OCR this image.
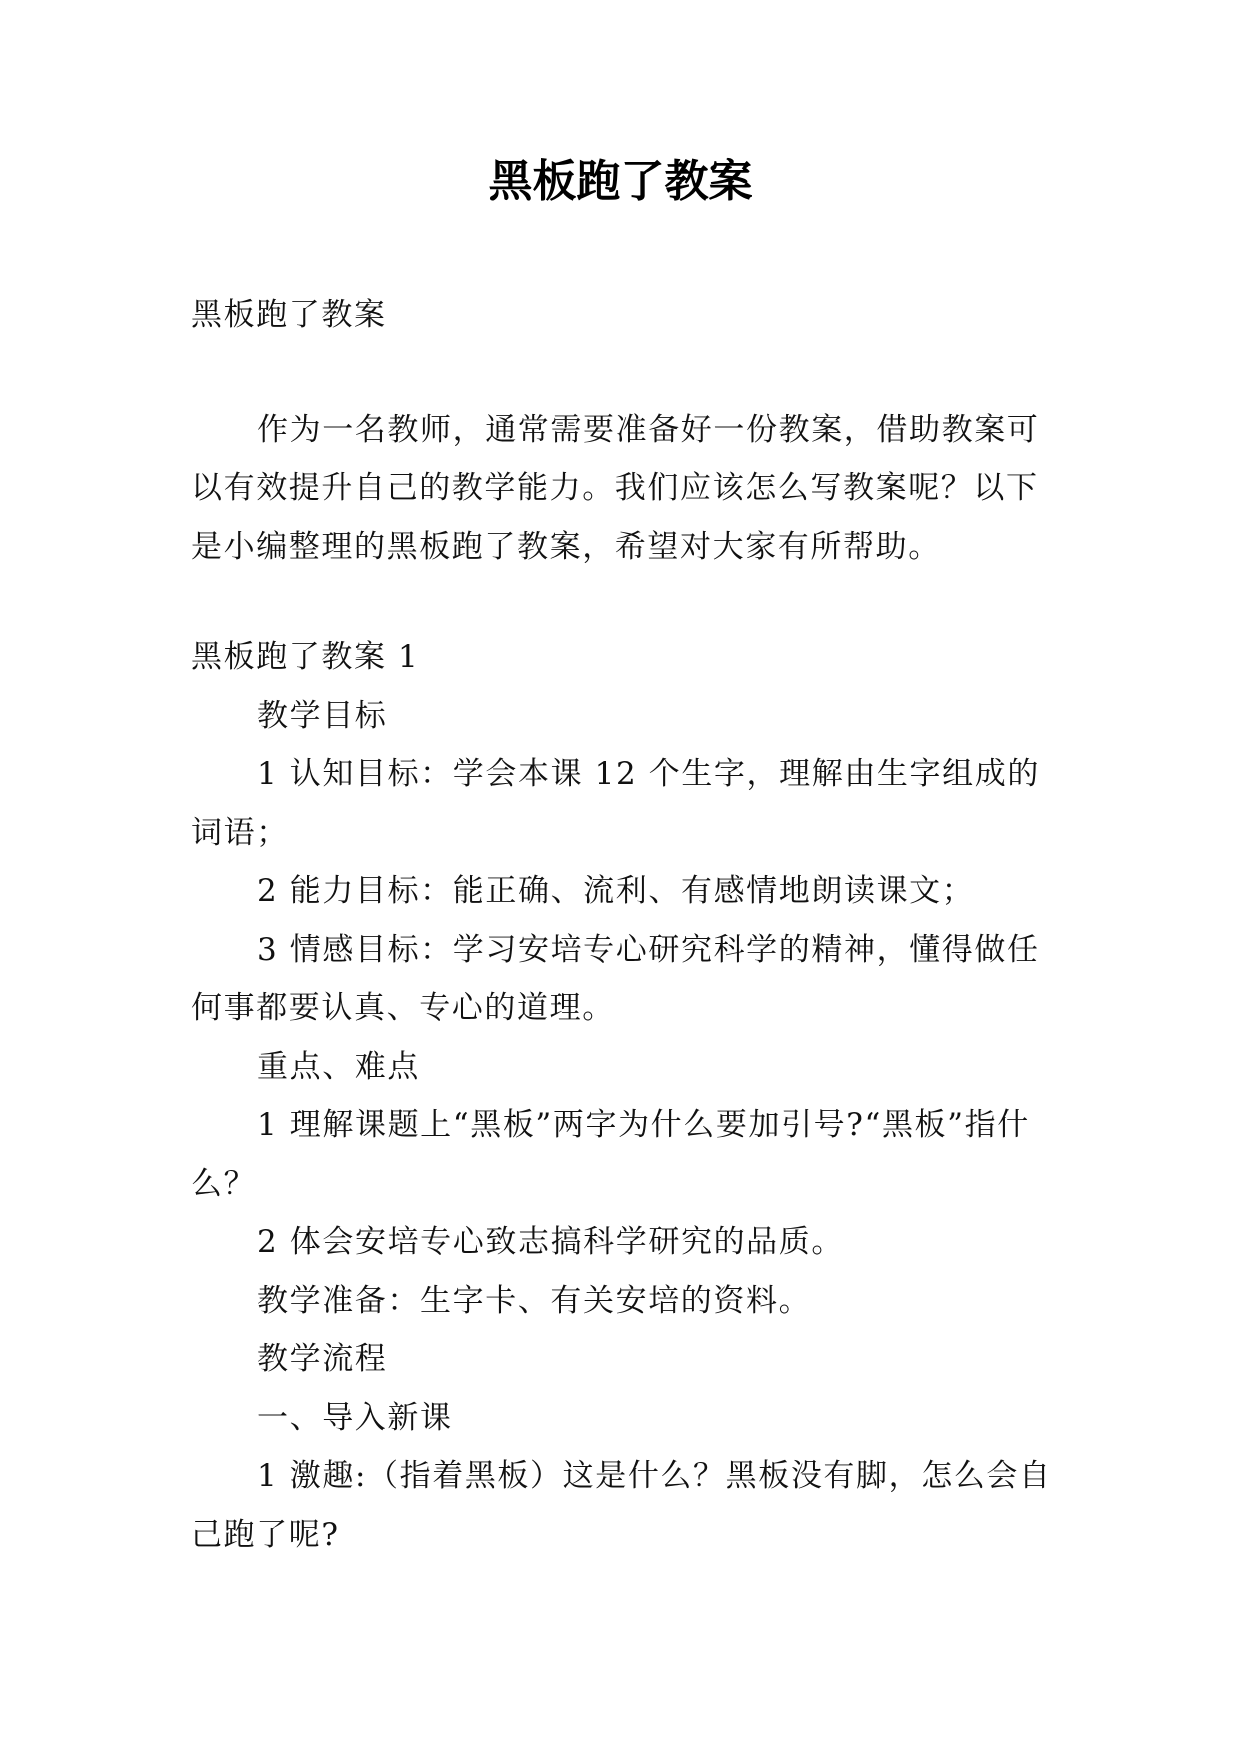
黑板跑了教案

黑板跑了教案

作为一名教师，通常需要准备好一份教案，借助教案可以有效提升自己的教学能力。我们应该怎么写教案呢？以下是小编整理的黑板跑了教案，希望对大家有所帮助。

黑板跑了教案 1

教学目标

1 认知目标：学会本课 12 个生字，理解由生字组成的词语；

2 能力目标：能正确、流利、有感情地朗读课文；

3 情感目标：学习安培专心研究科学的精神，懂得做任何事都要认真、专心的道理。

重点、难点

1 理解课题上“黑板”两字为什么要加引号?“黑板”指什么？

2 体会安培专心致志搞科学研究的品质。

教学准备：生字卡、有关安培的资料。

教学流程

一、导入新课

1 激趣:（指着黑板）这是什么？黑板没有脚，怎么会自己跑了呢?
